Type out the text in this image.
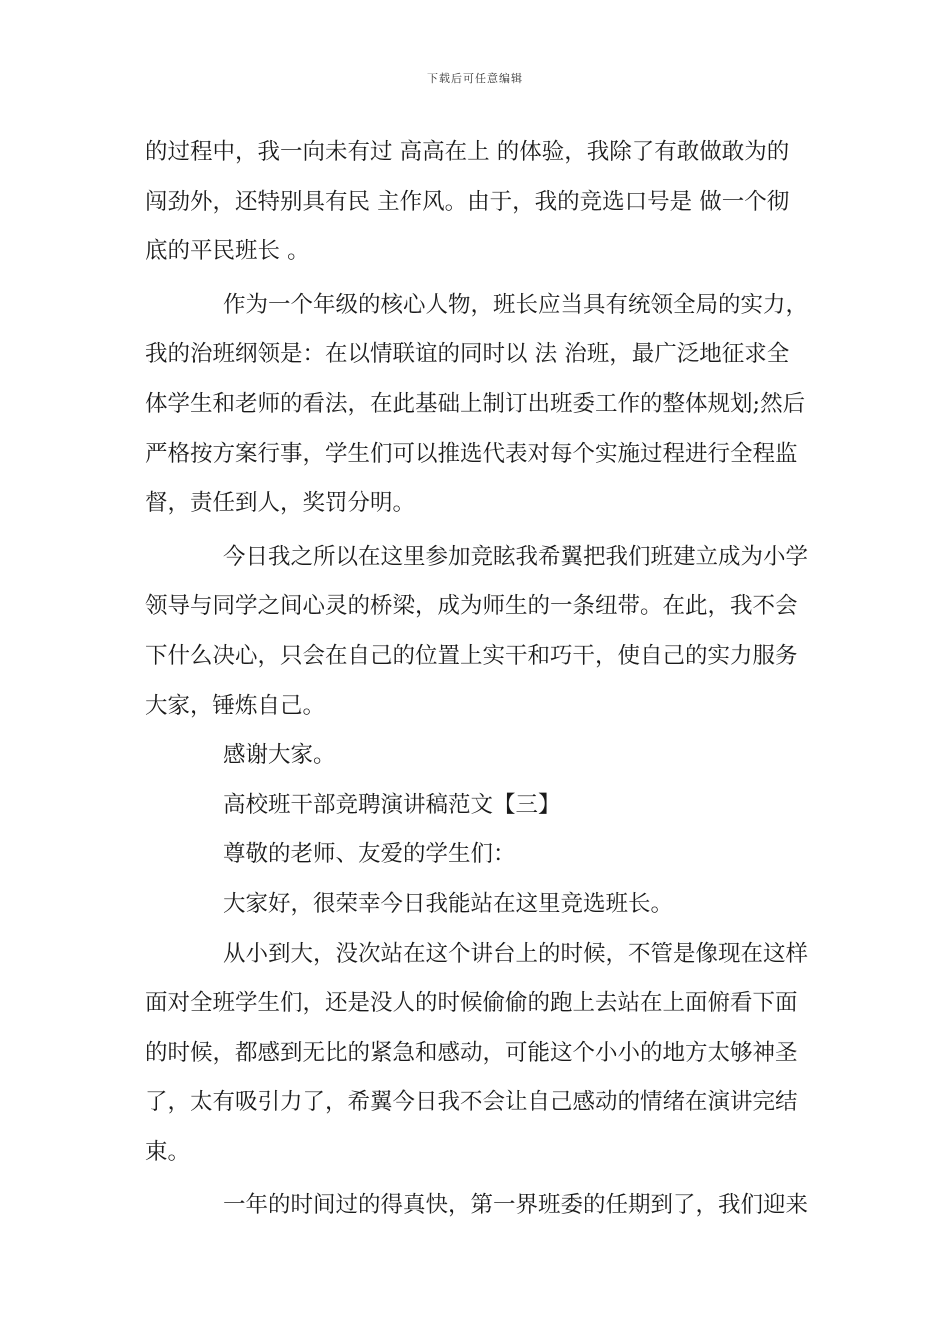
下载后可任意编辑
的过程中，我一向未有过 高高在上 的体验，我除了有敢做敢为的
闯劲外，还特别具有民 主作风。由于，我的竞选口号是 做一个彻
底的平民班长 。
作为一个年级的核心人物，班长应当具有统领全局的实力，
我的治班纲领是：在以情联谊的同时以 法 治班，最广泛地征求全
体学生和老师的看法，在此基础上制订出班委工作的整体规划;然后
严格按方案行事，学生们可以推选代表对每个实施过程进行全程监
督，责任到人，奖罚分明。
今日我之所以在这里参加竞眩我希翼把我们班建立成为小学
领导与同学之间心灵的桥梁，成为师生的一条纽带。在此，我不会
下什么决心，只会在自己的位置上实干和巧干，使自己的实力服务
大家，锤炼自己。
感谢大家。
高校班干部竞聘演讲稿范文【三】
尊敬的老师、友爱的学生们：
大家好，很荣幸今日我能站在这里竞选班长。
从小到大，没次站在这个讲台上的时候，不管是像现在这样
面对全班学生们，还是没人的时候偷偷的跑上去站在上面俯看下面
的时候，都感到无比的紧急和感动，可能这个小小的地方太够神圣
了，太有吸引力了，希翼今日我不会让自己感动的情绪在演讲完结
束。
一年的时间过的得真快，第一界班委的任期到了，我们迎来
